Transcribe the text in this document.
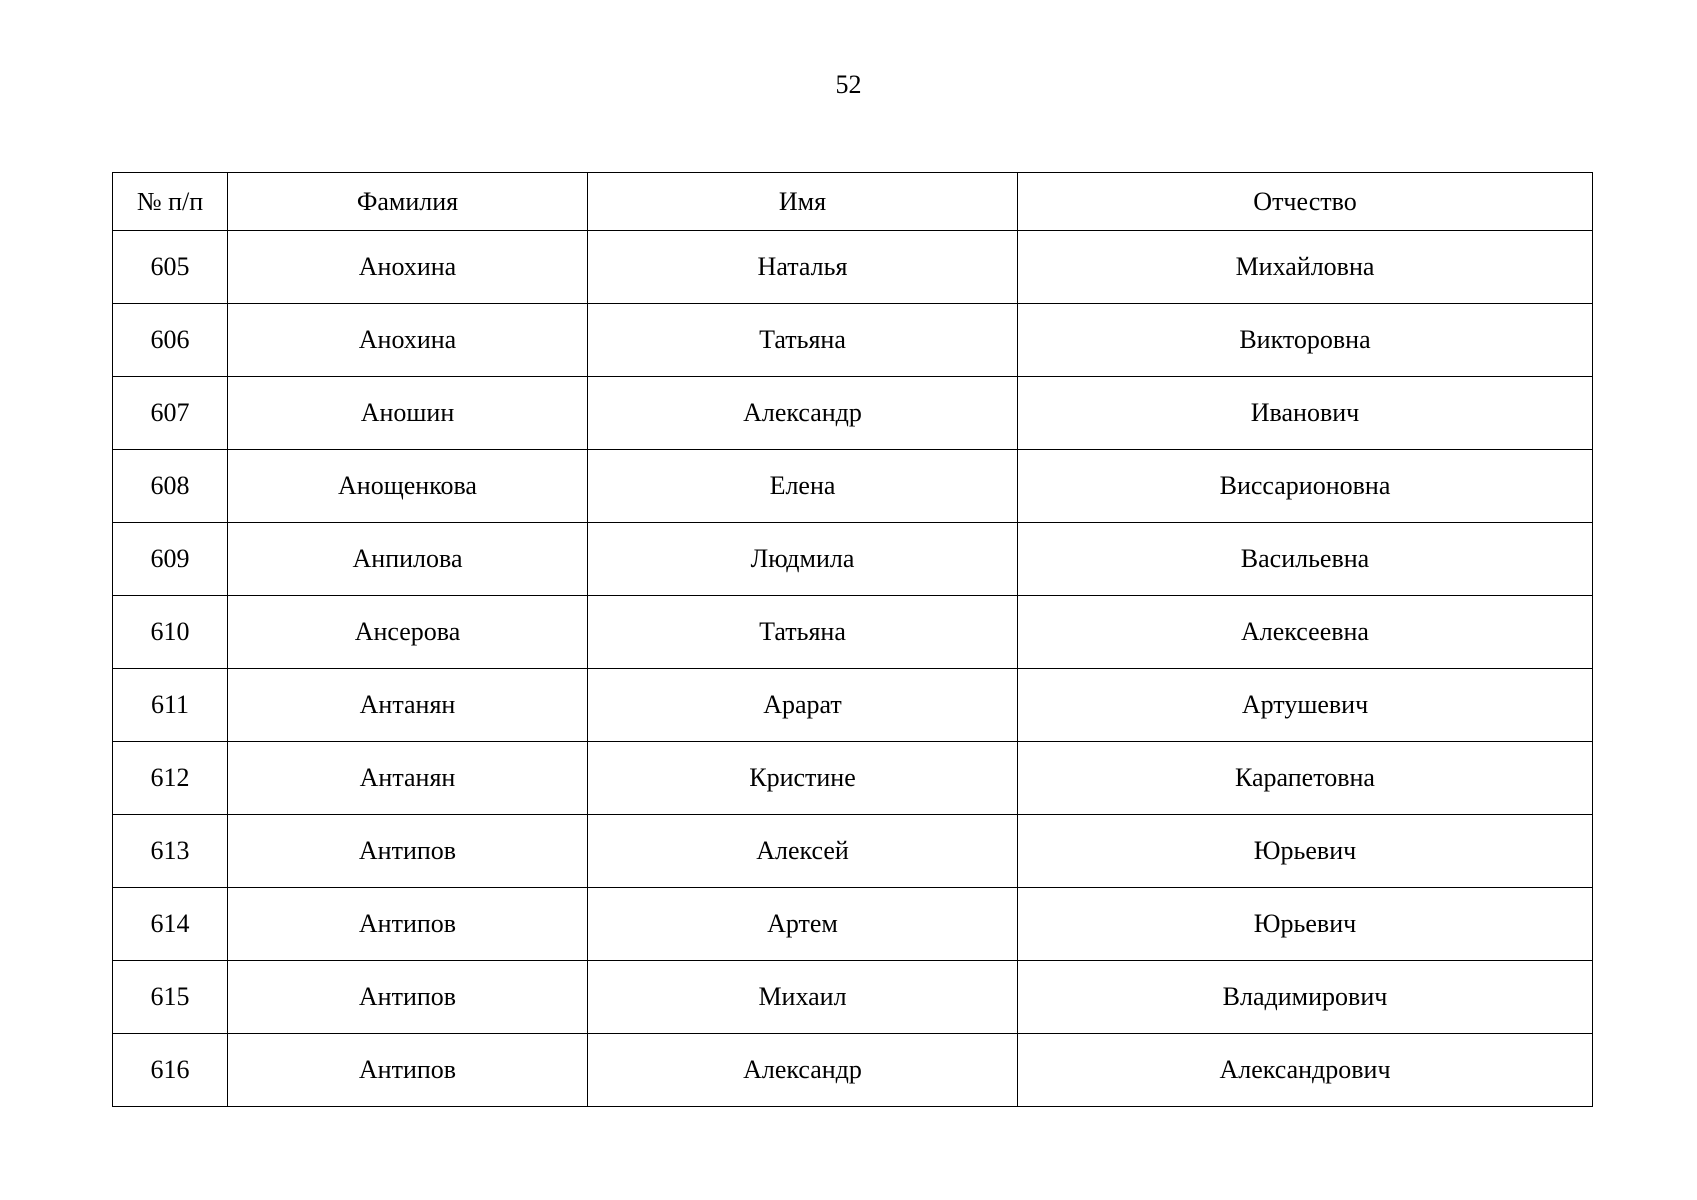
52
№ п/п	Фамилия	Имя	Отчество
605	Анохина	Наталья	Михайловна
606	Анохина	Татьяна	Викторовна
607	Аношин	Александр	Иванович
608	Анощенкова	Елена	Виссарионовна
609	Анпилова	Людмила	Васильевна
610	Ансерова	Татьяна	Алексеевна
611	Антанян	Арарат	Артушевич
612	Антанян	Кристине	Карапетовна
613	Антипов	Алексей	Юрьевич
614	Антипов	Артем	Юрьевич
615	Антипов	Михаил	Владимирович
616	Антипов	Александр	Александрович
